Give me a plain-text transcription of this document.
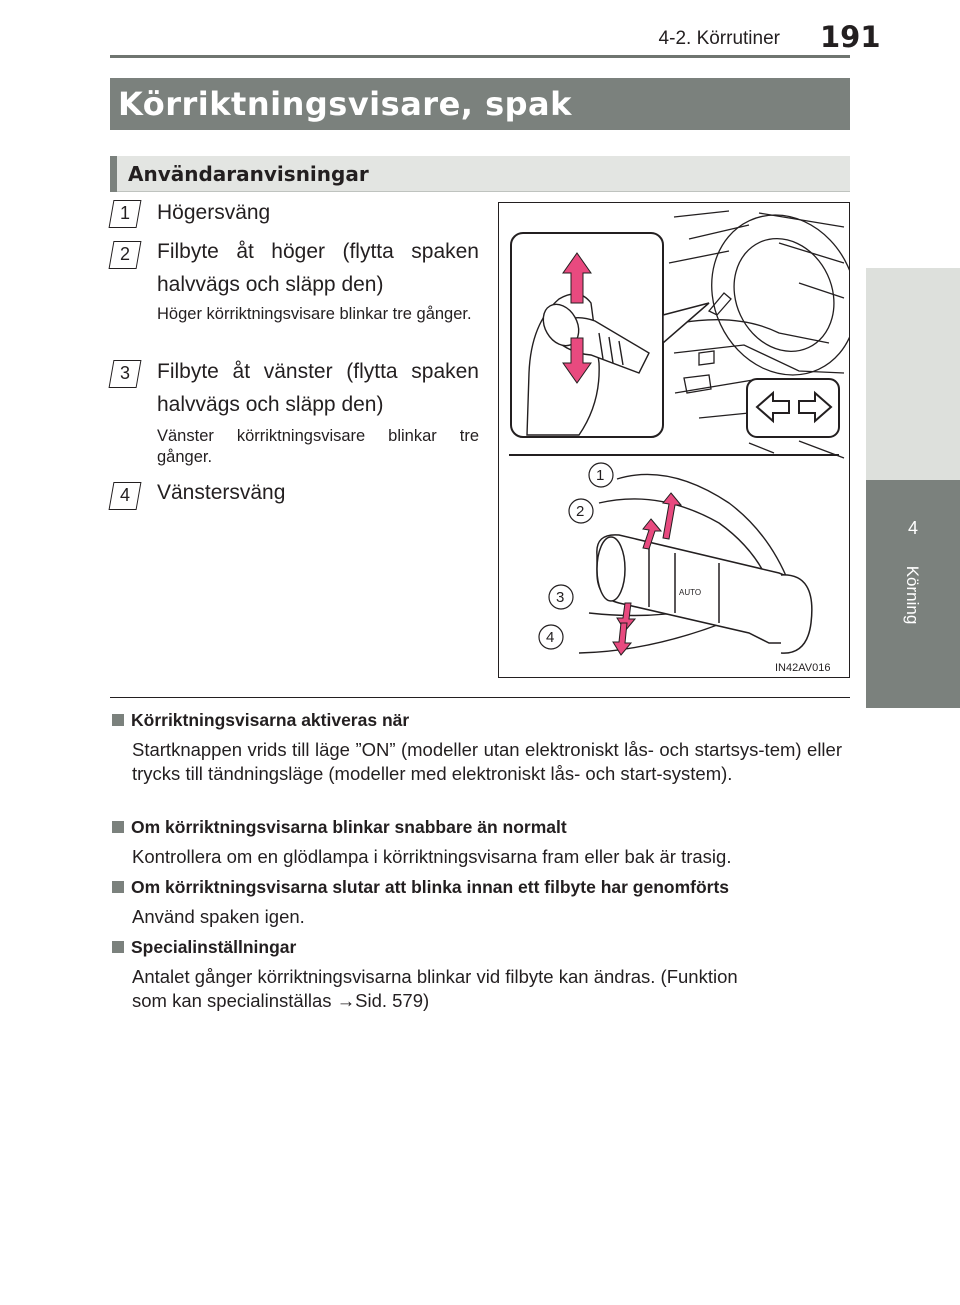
4-2. Körrutiner 191
4
Körning
Körriktningsvisare, spak
Användaranvisningar
1 Högersväng
2 Filbyte åt höger (flytta spaken halvvägs och släpp den)
Höger körriktningsvisare blinkar tre gånger.
3 Filbyte åt vänster (flytta spaken halvvägs och släpp den)
Vänster körriktningsvisare blinkar tre gånger.
4 Vänstersväng
AUTO
1
2
3
4
IN42AV016
Körriktningsvisarna aktiveras när
Startknappen vrids till läge ”ON” (modeller utan elektroniskt lås- och startsys-tem) eller trycks till tändningsläge (modeller med elektroniskt lås- och start-system).
Om körriktningsvisarna blinkar snabbare än normalt
Kontrollera om en glödlampa i körriktningsvisarna fram eller bak är trasig.
Om körriktningsvisarna slutar att blinka innan ett filbyte har genomförts
Använd spaken igen.
Specialinställningar
Antalet gånger körriktningsvisarna blinkar vid filbyte kan ändras. (Funktion
som kan specialinställas →Sid. 579)
